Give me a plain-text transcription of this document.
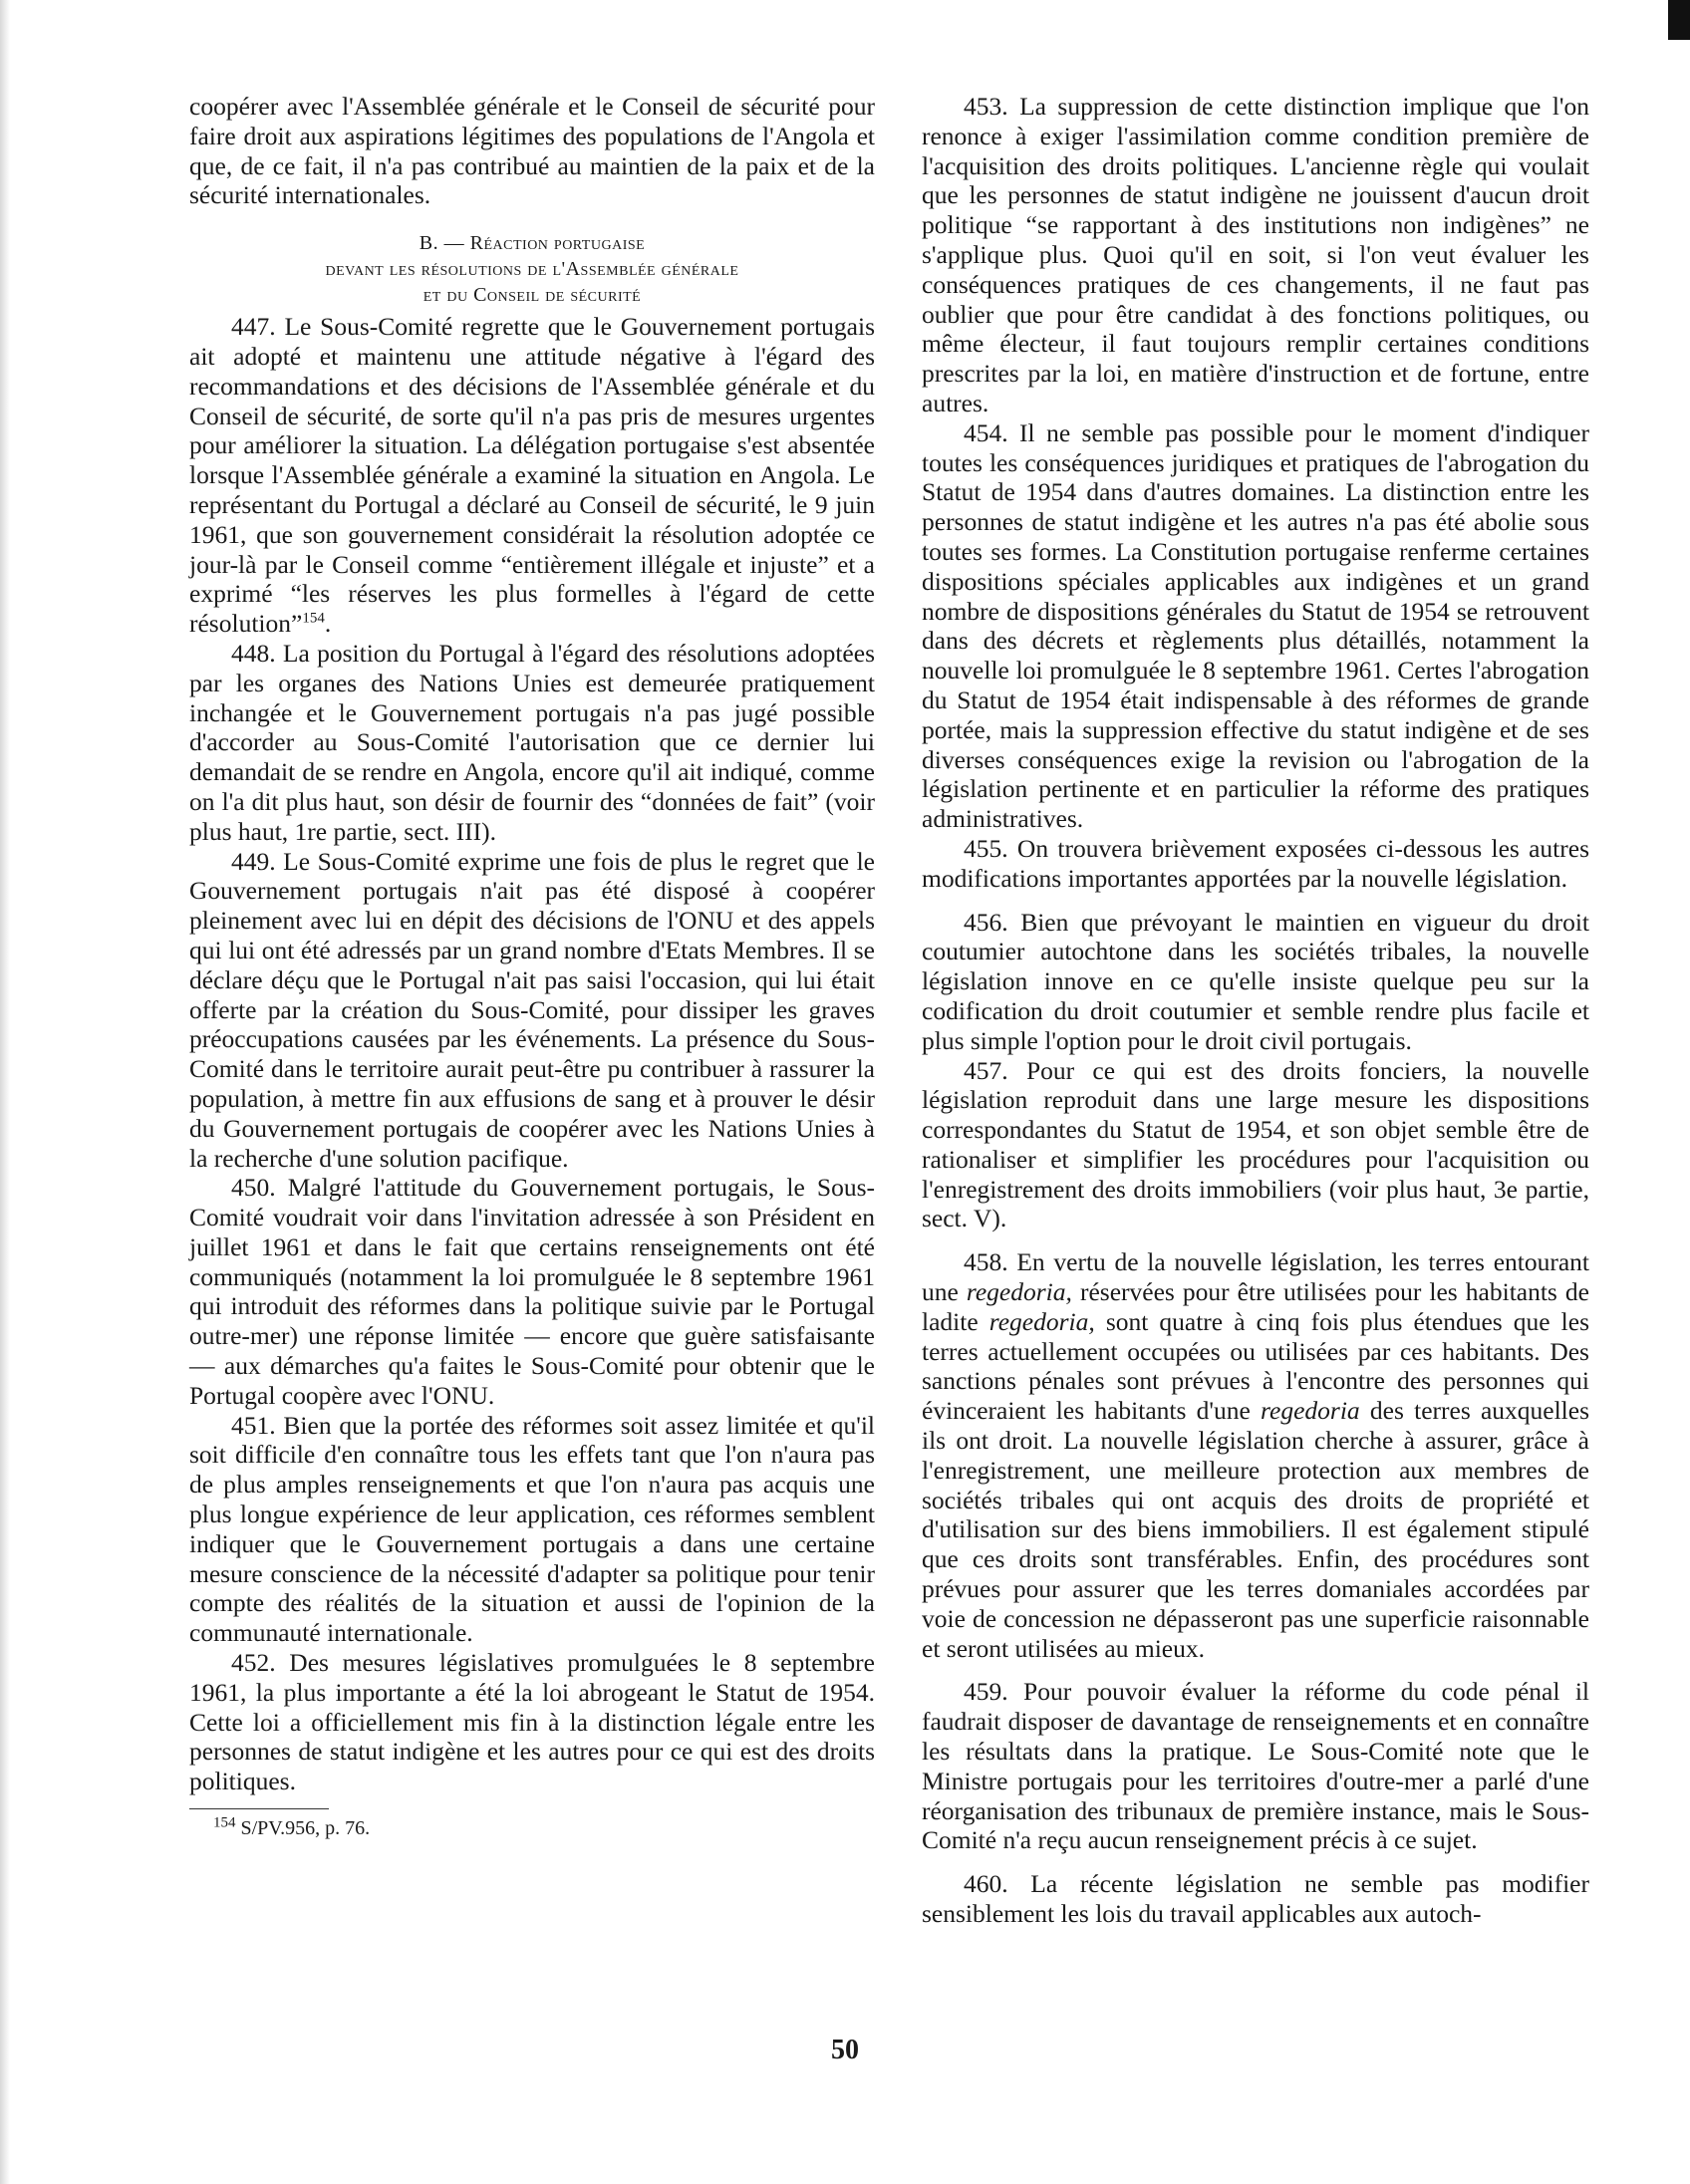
coopérer avec l'Assemblée générale et le Conseil de sécurité pour faire droit aux aspirations légitimes des populations de l'Angola et que, de ce fait, il n'a pas contribué au maintien de la paix et de la sécurité internationales.

B. — Réaction portugaise
devant les résolutions de l'Assemblée générale
et du Conseil de sécurité

447. Le Sous-Comité regrette que le Gouvernement portugais ait adopté et maintenu une attitude négative à l'égard des recommandations et des décisions de l'Assemblée générale et du Conseil de sécurité, de sorte qu'il n'a pas pris de mesures urgentes pour améliorer la situation. La délégation portugaise s'est absentée lorsque l'Assemblée générale a examiné la situation en Angola. Le représentant du Portugal a déclaré au Conseil de sécurité, le 9 juin 1961, que son gouvernement considérait la résolution adoptée ce jour-là par le Conseil comme “entièrement illégale et injuste” et a exprimé “les réserves les plus formelles à l'égard de cette résolution”$^{154}$.

448. La position du Portugal à l'égard des résolutions adoptées par les organes des Nations Unies est demeurée pratiquement inchangée et le Gouvernement portugais n'a pas jugé possible d'accorder au Sous-Comité l'autorisation que ce dernier lui demandait de se rendre en Angola, encore qu'il ait indiqué, comme on l'a dit plus haut, son désir de fournir des “données de fait” (voir plus haut, 1re partie, sect. III).

449. Le Sous-Comité exprime une fois de plus le regret que le Gouvernement portugais n'ait pas été disposé à coopérer pleinement avec lui en dépit des décisions de l'ONU et des appels qui lui ont été adressés par un grand nombre d'Etats Membres. Il se déclare déçu que le Portugal n'ait pas saisi l'occasion, qui lui était offerte par la création du Sous-Comité, pour dissiper les graves préoccupations causées par les événements. La présence du Sous-Comité dans le territoire aurait peut-être pu contribuer à rassurer la population, à mettre fin aux effusions de sang et à prouver le désir du Gouvernement portugais de coopérer avec les Nations Unies à la recherche d'une solution pacifique.

450. Malgré l'attitude du Gouvernement portugais, le Sous-Comité voudrait voir dans l'invitation adressée à son Président en juillet 1961 et dans le fait que certains renseignements ont été communiqués (notamment la loi promulguée le 8 septembre 1961 qui introduit des réformes dans la politique suivie par le Portugal outre-mer) une réponse limitée — encore que guère satisfaisante — aux démarches qu'a faites le Sous-Comité pour obtenir que le Portugal coopère avec l'ONU.

451. Bien que la portée des réformes soit assez limitée et qu'il soit difficile d'en connaître tous les effets tant que l'on n'aura pas de plus amples renseignements et que l'on n'aura pas acquis une plus longue expérience de leur application, ces réformes semblent indiquer que le Gouvernement portugais a dans une certaine mesure conscience de la nécessité d'adapter sa politique pour tenir compte des réalités de la situation et aussi de l'opinion de la communauté internationale.

452. Des mesures législatives promulguées le 8 septembre 1961, la plus importante a été la loi abrogeant le Statut de 1954. Cette loi a officiellement mis fin à la distinction légale entre les personnes de statut indigène et les autres pour ce qui est des droits politiques.

$^{154}$ S/PV.956, p. 76.

453. La suppression de cette distinction implique que l'on renonce à exiger l'assimilation comme condition première de l'acquisition des droits politiques. L'ancienne règle qui voulait que les personnes de statut indigène ne jouissent d'aucun droit politique “se rapportant à des institutions non indigènes” ne s'applique plus. Quoi qu'il en soit, si l'on veut évaluer les conséquences pratiques de ces changements, il ne faut pas oublier que pour être candidat à des fonctions politiques, ou même électeur, il faut toujours remplir certaines conditions prescrites par la loi, en matière d'instruction et de fortune, entre autres.

454. Il ne semble pas possible pour le moment d'indiquer toutes les conséquences juridiques et pratiques de l'abrogation du Statut de 1954 dans d'autres domaines. La distinction entre les personnes de statut indigène et les autres n'a pas été abolie sous toutes ses formes. La Constitution portugaise renferme certaines dispositions spéciales applicables aux indigènes et un grand nombre de dispositions générales du Statut de 1954 se retrouvent dans des décrets et règlements plus détaillés, notamment la nouvelle loi promulguée le 8 septembre 1961. Certes l'abrogation du Statut de 1954 était indispensable à des réformes de grande portée, mais la suppression effective du statut indigène et de ses diverses conséquences exige la revision ou l'abrogation de la législation pertinente et en particulier la réforme des pratiques administratives.

455. On trouvera brièvement exposées ci-dessous les autres modifications importantes apportées par la nouvelle législation.

456. Bien que prévoyant le maintien en vigueur du droit coutumier autochtone dans les sociétés tribales, la nouvelle législation innove en ce qu'elle insiste quelque peu sur la codification du droit coutumier et semble rendre plus facile et plus simple l'option pour le droit civil portugais.

457. Pour ce qui est des droits fonciers, la nouvelle législation reproduit dans une large mesure les dispositions correspondantes du Statut de 1954, et son objet semble être de rationaliser et simplifier les procédures pour l'acquisition ou l'enregistrement des droits immobiliers (voir plus haut, 3e partie, sect. V).

458. En vertu de la nouvelle législation, les terres entourant une regedoria, réservées pour être utilisées pour les habitants de ladite regedoria, sont quatre à cinq fois plus étendues que les terres actuellement occupées ou utilisées par ces habitants. Des sanctions pénales sont prévues à l'encontre des personnes qui évinceraient les habitants d'une regedoria des terres auxquelles ils ont droit. La nouvelle législation cherche à assurer, grâce à l'enregistrement, une meilleure protection aux membres de sociétés tribales qui ont acquis des droits de propriété et d'utilisation sur des biens immobiliers. Il est également stipulé que ces droits sont transférables. Enfin, des procédures sont prévues pour assurer que les terres domaniales accordées par voie de concession ne dépasseront pas une superficie raisonnable et seront utilisées au mieux.

459. Pour pouvoir évaluer la réforme du code pénal il faudrait disposer de davantage de renseignements et en connaître les résultats dans la pratique. Le Sous-Comité note que le Ministre portugais pour les territoires d'outre-mer a parlé d'une réorganisation des tribunaux de première instance, mais le Sous-Comité n'a reçu aucun renseignement précis à ce sujet.

460. La récente législation ne semble pas modifier sensiblement les lois du travail applicables aux autoch-

50
